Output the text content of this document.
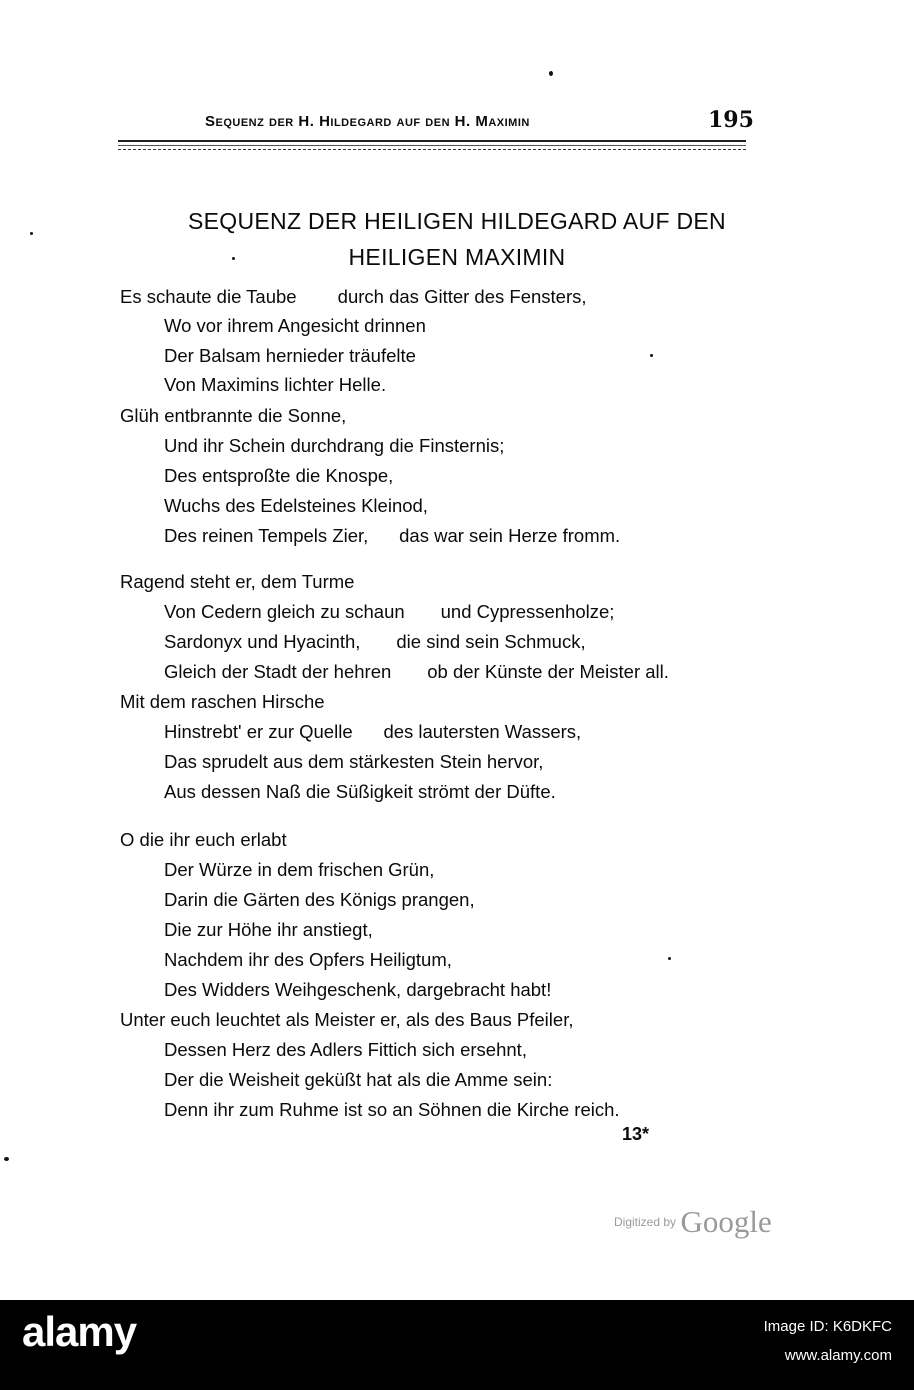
Sequenz der H. Hildegard auf den H. Maximin	195
SEQUENZ DER HEILIGEN HILDEGARD AUF DEN
HEILIGEN MAXIMIN
Es schaute die Taube        durch das Gitter des Fensters,
Wo vor ihrem Angesicht drinnen
Der Balsam hernieder träufelte
Von Maximins lichter Helle.
Glüh entbrannte die Sonne,
Und ihr Schein durchdrang die Finsternis;
Des entsproßte die Knospe,
Wuchs des Edelsteines Kleinod,
Des reinen Tempels Zier,      das war sein Herze fromm.
Ragend steht er, dem Turme
Von Cedern gleich zu schaun       und Cypressenholze;
Sardonyx und Hyacinth,       die sind sein Schmuck,
Gleich der Stadt der hehren       ob der Künste der Meister all.
Mit dem raschen Hirsche
Hinstrebt' er zur Quelle      des lautersten Wassers,
Das sprudelt aus dem stärkesten Stein hervor,
Aus dessen Naß die Süßigkeit strömt der Düfte.
O die ihr euch erlabt
Der Würze in dem frischen Grün,
Darin die Gärten des Königs prangen,
Die zur Höhe ihr anstiegt,
Nachdem ihr des Opfers Heiligtum,
Des Widders Weihgeschenk, dargebracht habt!
Unter euch leuchtet als Meister er, als des Baus Pfeiler,
Dessen Herz des Adlers Fittich sich ersehnt,
Der die Weisheit geküßt hat als die Amme sein:
Denn ihr zum Ruhme ist so an Söhnen die Kirche reich.
13*
Digitized by Google
alamy	Image ID: K6DKFC
www.alamy.com
